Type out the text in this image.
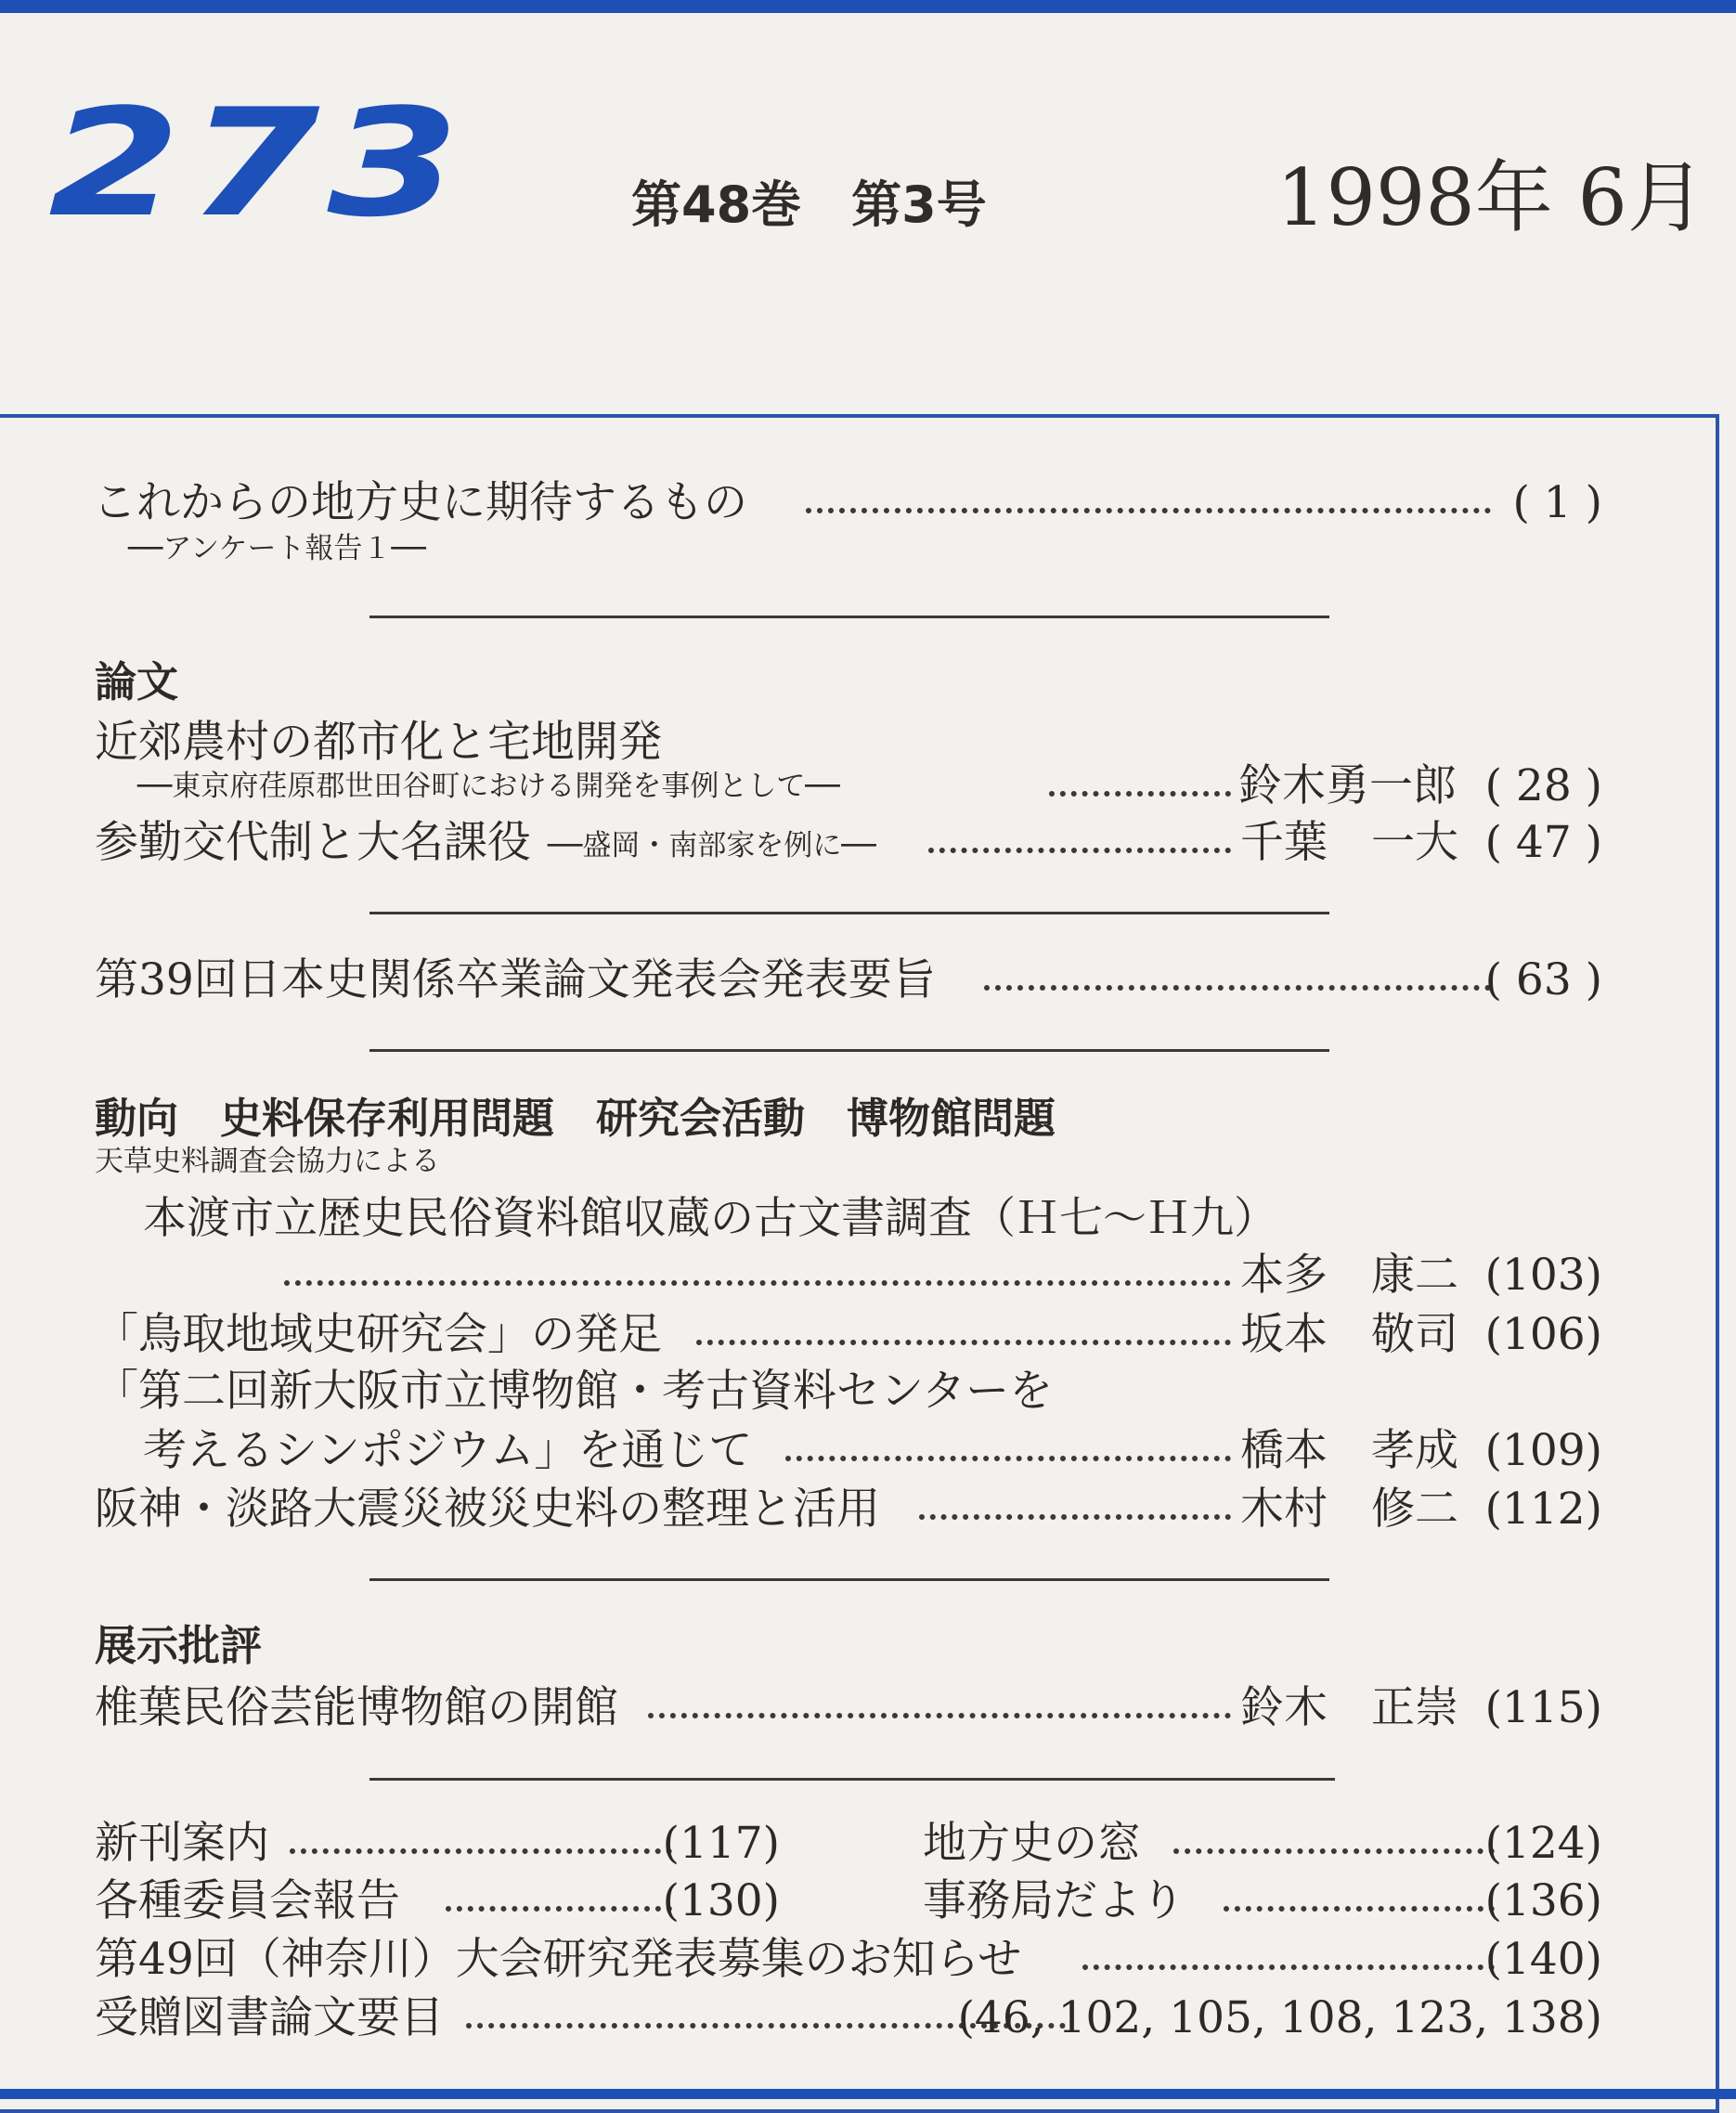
273	第48巻　第3号	1998年 6月
これからの地方史に期待するもの	( 1 )
──アンケート報告１──
論文
近郊農村の都市化と宅地開発
──東京府荏原郡世田谷町における開発を事例として──	鈴木勇一郎 ( 28 )
参勤交代制と大名課役 ──盛岡・南部家を例に──	千葉　一大 ( 47 )
第39回日本史関係卒業論文発表会発表要旨	( 63 )
動向　史料保存利用問題　研究会活動　博物館問題
天草史料調査会協力による
本渡市立歴史民俗資料館収蔵の古文書調査（Ｈ七～Ｈ九）
本多　康二 (103)
「鳥取地域史研究会」の発足	坂本　敬司 (106)
「第二回新大阪市立博物館・考古資料センターを
考えるシンポジウム」を通じて	橋本　孝成 (109)
阪神・淡路大震災被災史料の整理と活用	木村　修二 (112)
展示批評
椎葉民俗芸能博物館の開館	鈴木　正崇 (115)
新刊案内	(117)	地方史の窓	(124)
各種委員会報告	(130)	事務局だより	(136)
第49回（神奈川）大会研究発表募集のお知らせ	(140)
受贈図書論文要目	(46, 102, 105, 108, 123, 138)
